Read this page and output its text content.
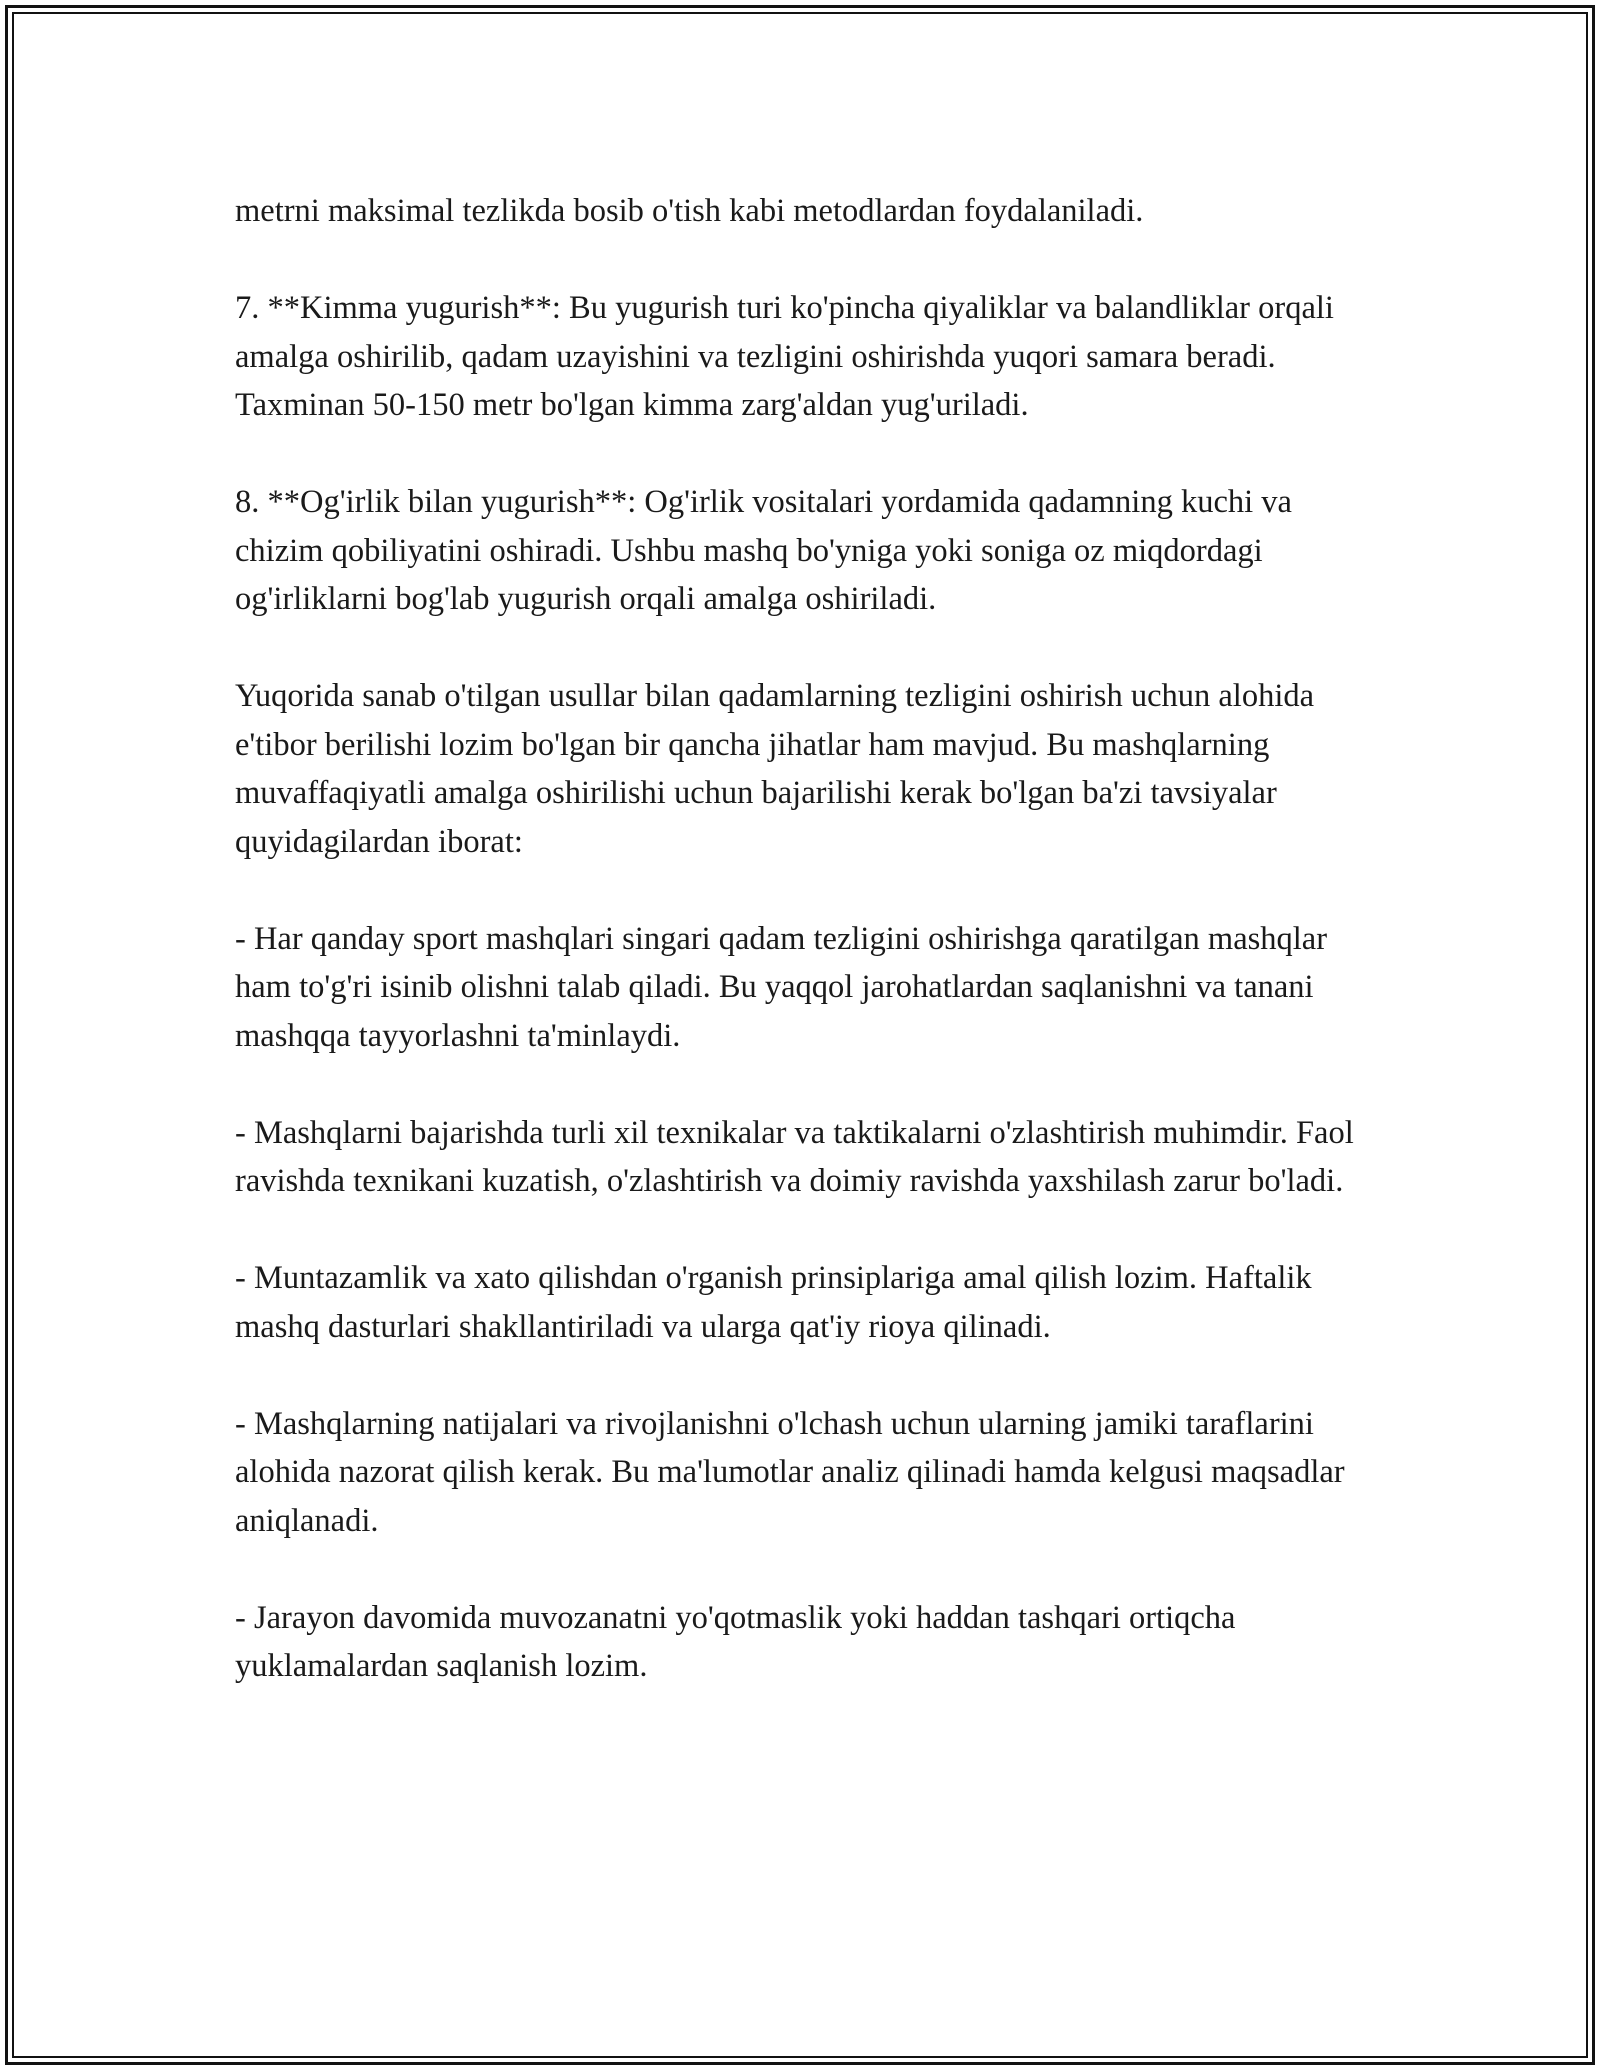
metrni maksimal tezlikda bosib o'tish kabi metodlardan foydalaniladi.

7. **Kimma yugurish**: Bu yugurish turi ko'pincha qiyaliklar va balandliklar orqali amalga oshirilib, qadam uzayishini va tezligini oshirishda yuqori samara beradi. Taxminan 50-150 metr bo'lgan kimma zarg'aldan yug'uriladi.

8. **Og'irlik bilan yugurish**: Og'irlik vositalari yordamida qadamning kuchi va chizim qobiliyatini oshiradi. Ushbu mashq bo'yniga yoki soniga oz miqdordagi og'irliklarni bog'lab yugurish orqali amalga oshiriladi.

Yuqorida sanab o'tilgan usullar bilan qadamlarning tezligini oshirish uchun alohida e'tibor berilishi lozim bo'lgan bir qancha jihatlar ham mavjud. Bu mashqlarning muvaffaqiyatli amalga oshirilishi uchun bajarilishi kerak bo'lgan ba'zi tavsiyalar quyidagilardan iborat:

- Har qanday sport mashqlari singari qadam tezligini oshirishga qaratilgan mashqlar ham to'g'ri isinib olishni talab qiladi. Bu yaqqol jarohatlardan saqlanishni va tanani mashqqa tayyorlashni ta'minlaydi.

- Mashqlarni bajarishda turli xil texnikalar va taktikalarni o'zlashtirish muhimdir. Faol ravishda texnikani kuzatish, o'zlashtirish va doimiy ravishda yaxshilash zarur bo'ladi.

- Muntazamlik va xato qilishdan o'rganish prinsiplariga amal qilish lozim. Haftalik mashq dasturlari shakllantiriladi va ularga qat'iy rioya qilinadi.

- Mashqlarning natijalari va rivojlanishni o'lchash uchun ularning jamiki taraflarini alohida nazorat qilish kerak. Bu ma'lumotlar analiz qilinadi hamda kelgusi maqsadlar aniqlanadi.

- Jarayon davomida muvozanatni yo'qotmaslik yoki haddan tashqari ortiqcha yuklamalardan saqlanish lozim.
